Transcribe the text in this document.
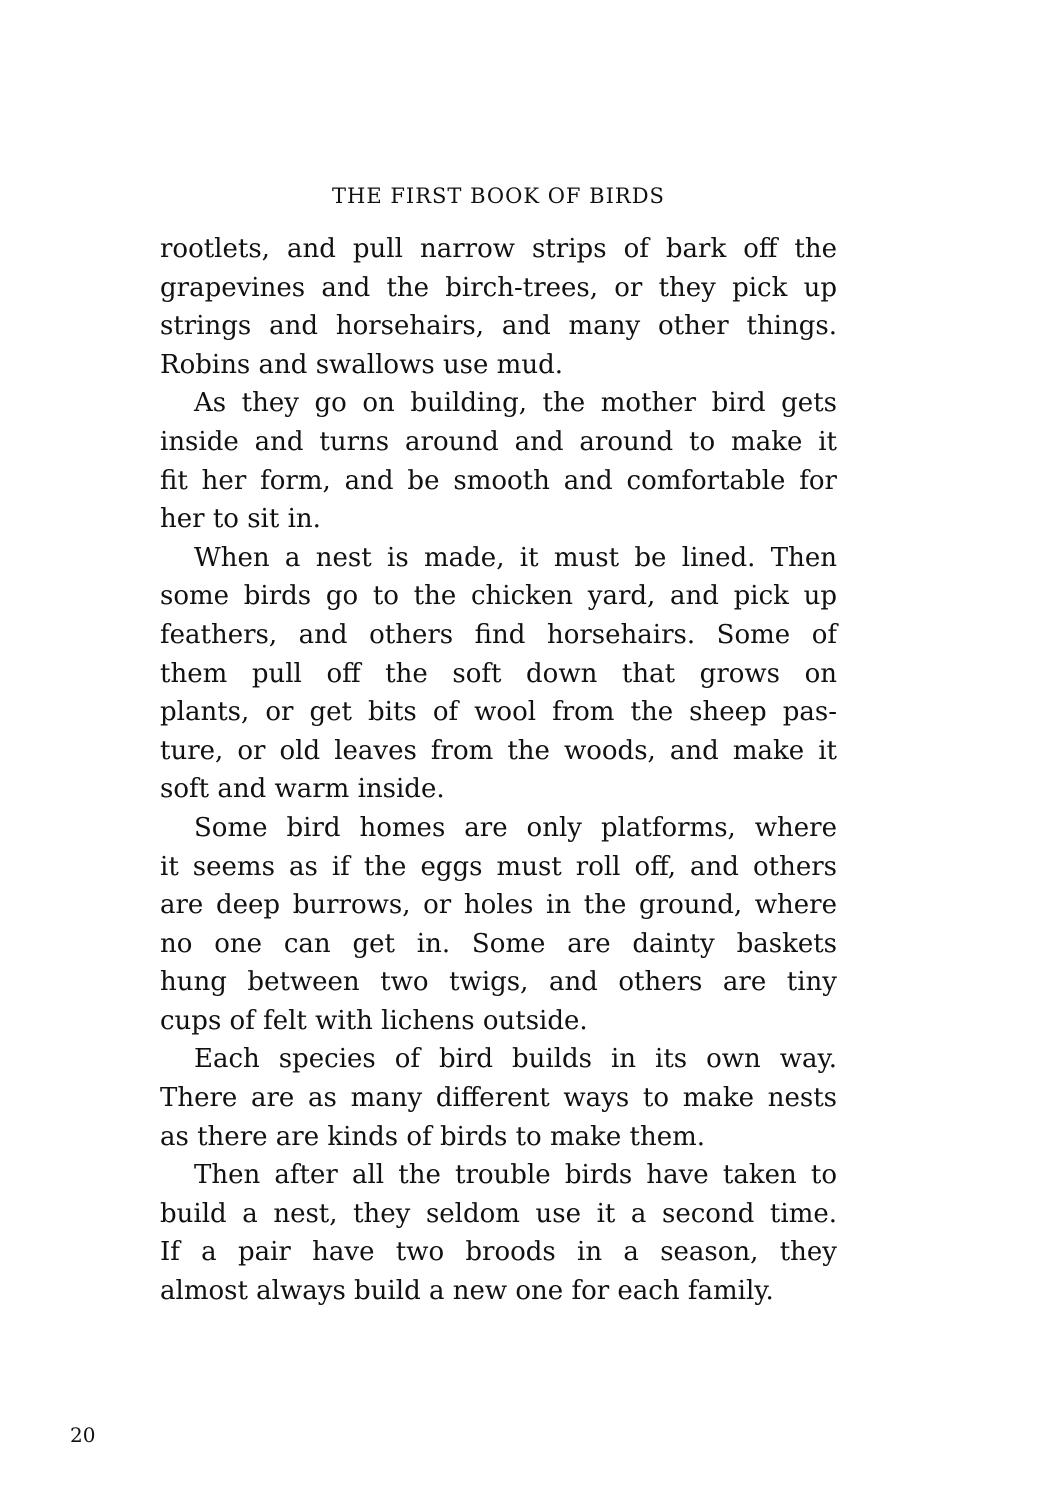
THE FIRST BOOK OF BIRDS
rootlets, and pull narrow strips of bark off the
grapevines and the birch-trees, or they pick up
strings and horsehairs, and many other things.
Robins and swallows use mud.
As they go on building, the mother bird gets
inside and turns around and around to make it
fit her form, and be smooth and comfortable for
her to sit in.
When a nest is made, it must be lined. Then
some birds go to the chicken yard, and pick up
feathers, and others find horsehairs. Some of
them pull off the soft down that grows on
plants, or get bits of wool from the sheep pas-
ture, or old leaves from the woods, and make it
soft and warm inside.
Some bird homes are only platforms, where
it seems as if the eggs must roll off, and others
are deep burrows, or holes in the ground, where
no one can get in. Some are dainty baskets
hung between two twigs, and others are tiny
cups of felt with lichens outside.
Each species of bird builds in its own way.
There are as many different ways to make nests
as there are kinds of birds to make them.
Then after all the trouble birds have taken to
build a nest, they seldom use it a second time.
If a pair have two broods in a season, they
almost always build a new one for each family.
20
